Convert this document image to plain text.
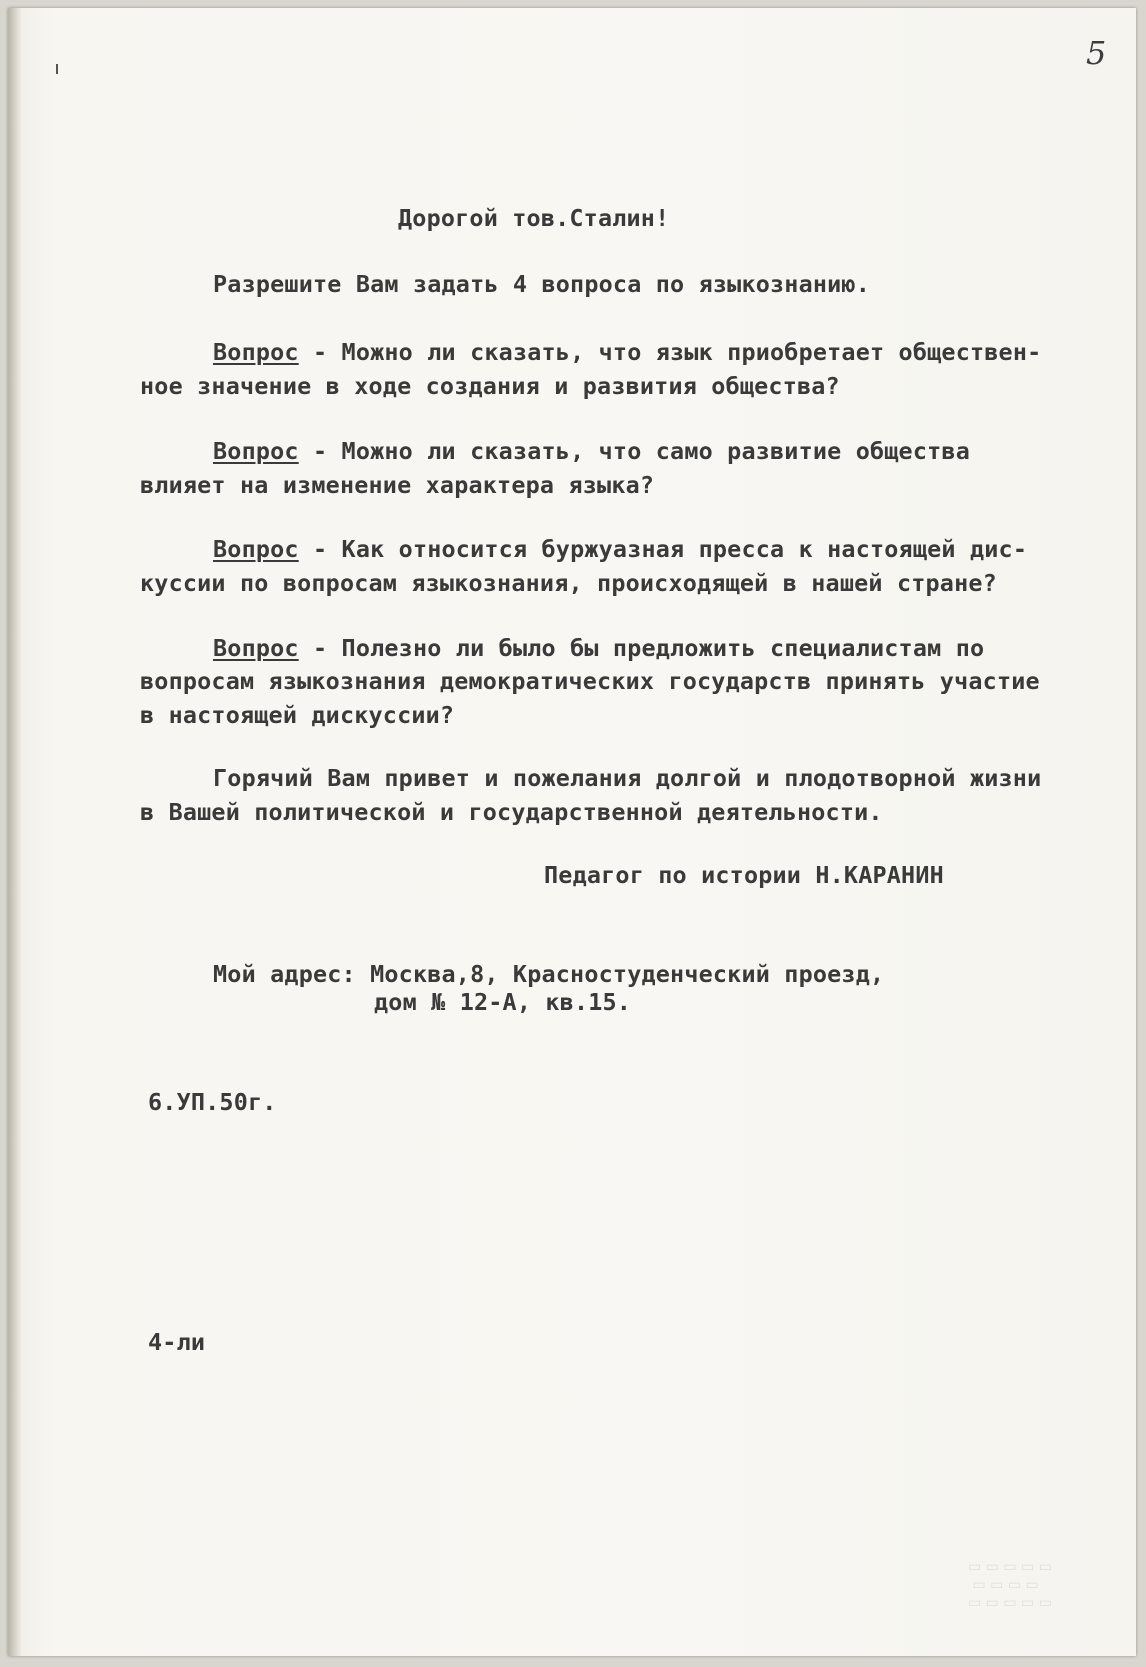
5
Дорогой тов.Сталин!
Разрешите Вам задать 4 вопроса по языкознанию.
Вопрос - Можно ли сказать, что язык приобретает обществен-
ное значение в ходе создания и развития общества?
Вопрос - Можно ли сказать, что само развитие общества
влияет на изменение характера языка?
Вопрос - Как относится буржуазная пресса к настоящей дис-
куссии по вопросам языкознания, происходящей в нашей стране?
Вопрос - Полезно ли было бы предложить специалистам по
вопросам языкознания демократических государств принять участие
в настоящей дискуссии?
Горячий Вам привет и пожелания долгой и плодотворной жизни
в Вашей политической и государственной деятельности.
Педагог по истории Н.КАРАНИН
Мой адрес: Москва,8, Красностуденческий проезд,
дом № 12-А, кв.15.
6.УП.50г.
4-ли
▭ ▭ ▭ ▭ ▭
▭ ▭ ▭ ▭
▭ ▭ ▭ ▭ ▭
